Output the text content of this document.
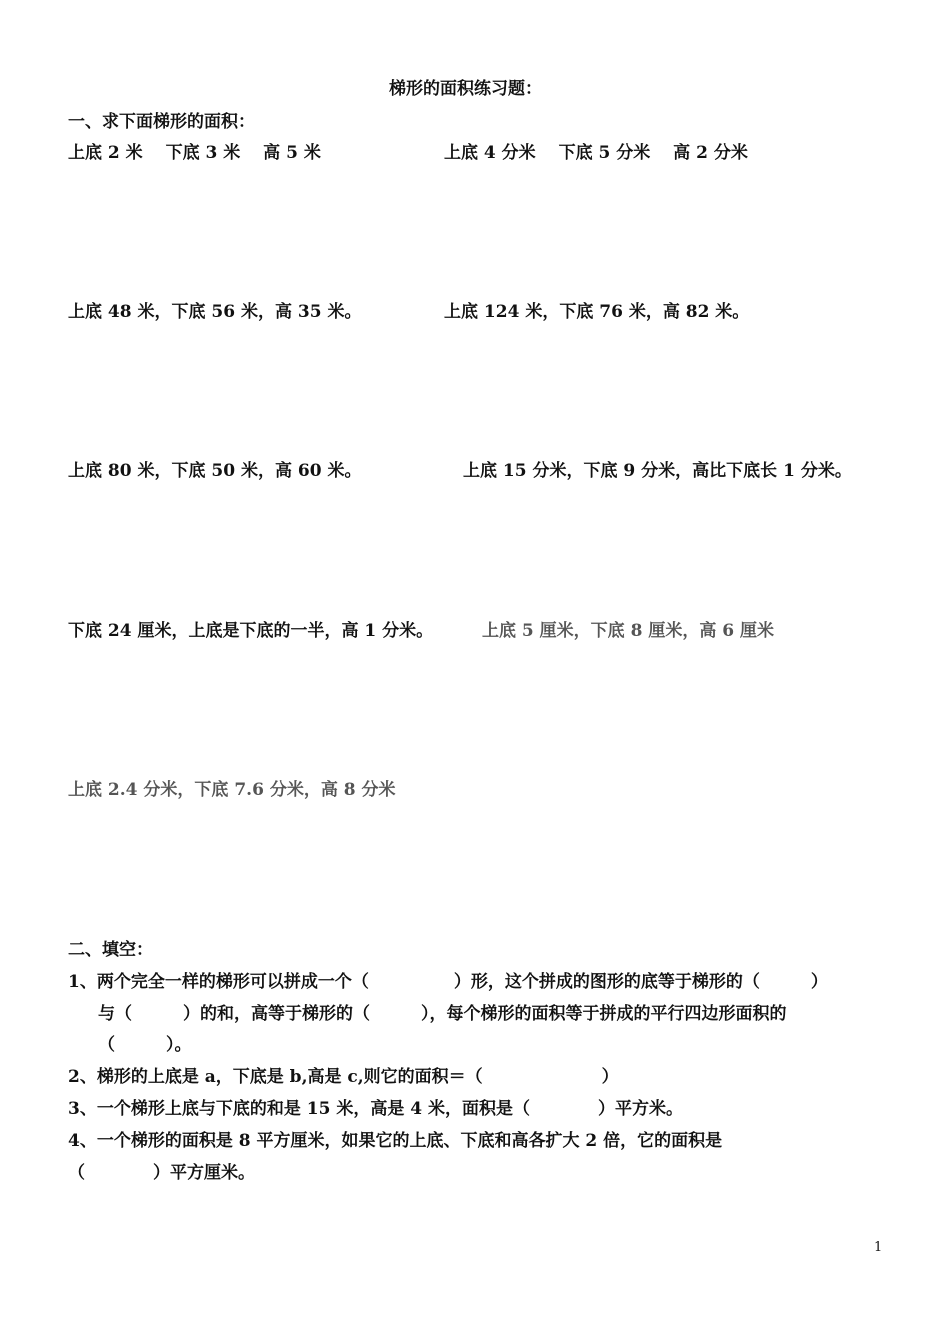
梯形的面积练习题：
一、求下面梯形的面积：
上底 2 米　 下底 3 米　 高 5 米	上底 4 分米　 下底 5 分米　 高 2 分米
上底 48 米，下底 56 米，高 35 米。	上底 124 米，下底 76 米，高 82 米。
上底 80 米，下底 50 米，高 60 米。	上底 15 分米，下底 9 分米，高比下底长 1 分米。
下底 24 厘米，上底是下底的一半，高 1 分米。	上底 5 厘米，下底 8 厘米，高 6 厘米
上底 2.4 分米，下底 7.6 分米，高 8 分米
二、填空：
1、两个完全一样的梯形可以拼成一个（　　　　　）形，这个拼成的图形的底等于梯形的（　　　）
与（　　　）的和，高等于梯形的（　　　），每个梯形的面积等于拼成的平行四边形面积的
（　　　）。
2、梯形的上底是 a，下底是 b,高是 c,则它的面积＝（　　　　　　　）
3、一个梯形上底与下底的和是 15 米，高是 4 米，面积是（　　　　）平方米。
4、一个梯形的面积是 8 平方厘米，如果它的上底、下底和高各扩大 2 倍，它的面积是
（　　　　）平方厘米。
1
